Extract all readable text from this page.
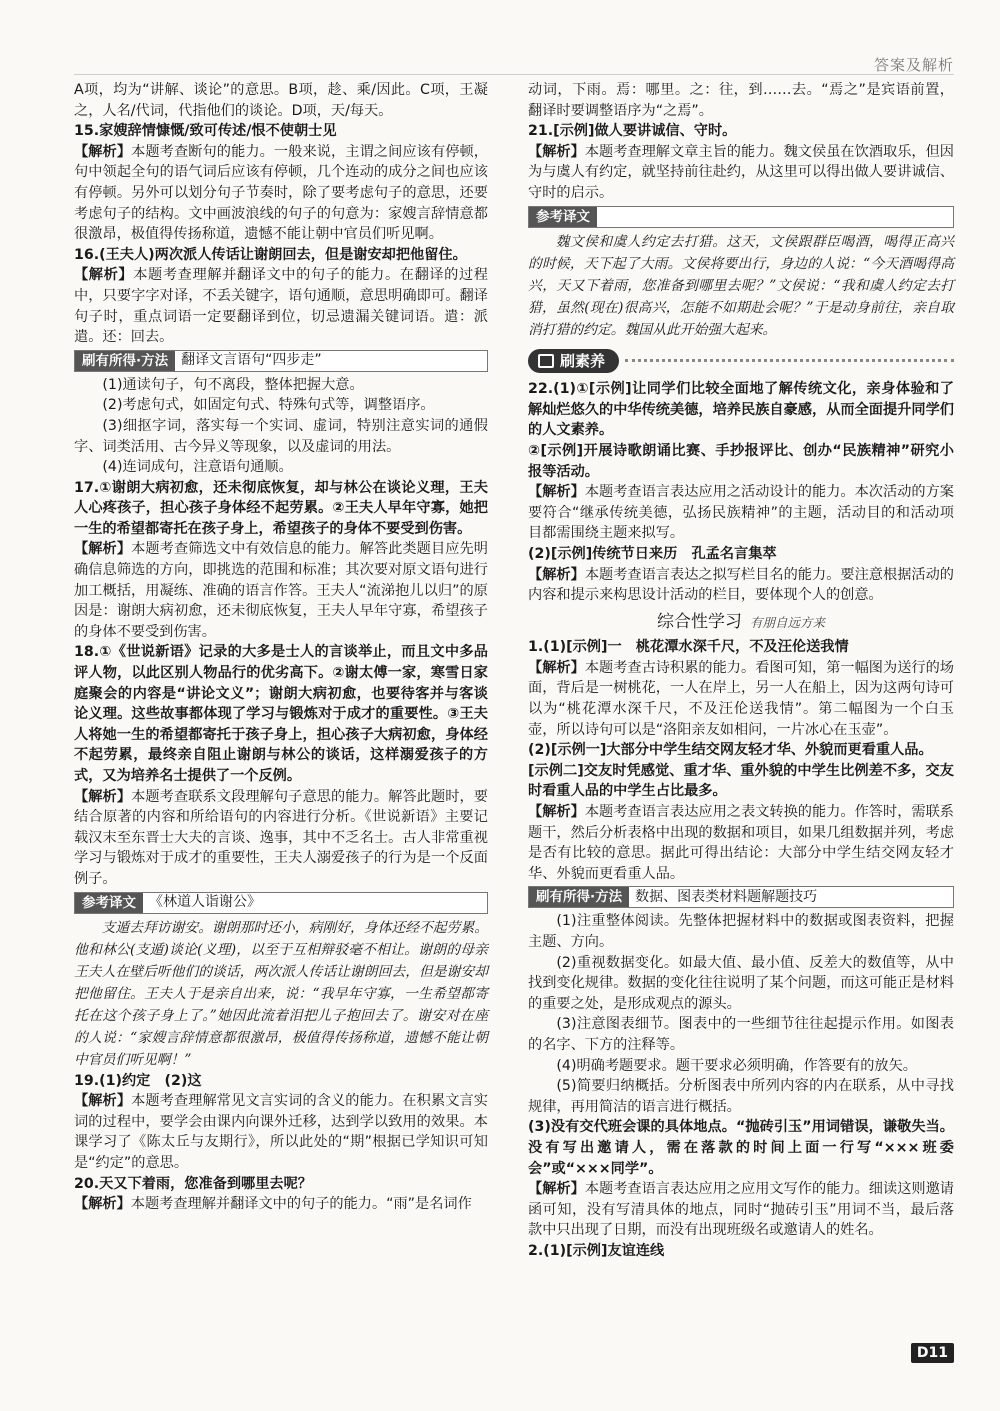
答案及解析

A项，均为“讲解、谈论”的意思。B项，趁、乘/因此。C项，王凝之，人名/代词，代指他们的谈论。D项，天/每天。

15.家嫂辞情慷慨/致可传述/恨不使朝士见

【解析】本题考查断句的能力。一般来说，主谓之间应该有停顿，句中领起全句的语气词后应该有停顿，几个连动的成分之间也应该有停顿。另外可以划分句子节奏时，除了要考虑句子的意思，还要考虑句子的结构。文中画波浪线的句子的句意为：家嫂言辞情意都很激昂，极值得传扬称道，遗憾不能让朝中官员们听见啊。

16.(王夫人)两次派人传话让谢朗回去，但是谢安却把他留住。

【解析】本题考查理解并翻译文中的句子的能力。在翻译的过程中，只要字字对译，不丢关键字，语句通顺，意思明确即可。翻译句子时，重点词语一定要翻译到位，切忌遗漏关键词语。遣：派遣。还：回去。

刷有所得·方法 翻译文言语句“四步走”

(1)通读句子，句不离段，整体把握大意。

(2)考虑句式，如固定句式、特殊句式等，调整语序。

(3)细抠字词，落实每一个实词、虚词，特别注意实词的通假字、词类活用、古今异义等现象，以及虚词的用法。

(4)连词成句，注意语句通顺。

17.①谢朗大病初愈，还未彻底恢复，却与林公在谈论义理，王夫人心疼孩子，担心孩子身体经不起劳累。②王夫人早年守寡，她把一生的希望都寄托在孩子身上，希望孩子的身体不要受到伤害。

【解析】本题考查筛选文中有效信息的能力。解答此类题目应先明确信息筛选的方向，即挑选的范围和标准；其次要对原文语句进行加工概括，用凝练、准确的语言作答。王夫人“流涕抱儿以归”的原因是：谢朗大病初愈，还未彻底恢复，王夫人早年守寡，希望孩子的身体不要受到伤害。

18.①《世说新语》记录的大多是士人的言谈举止，而且文中多品评人物，以此区别人物品行的优劣高下。②谢太傅一家，寒雪日家庭聚会的内容是“讲论文义”；谢朗大病初愈，也要待客并与客谈论义理。这些故事都体现了学习与锻炼对于成才的重要性。③王夫人将她一生的希望都寄托于孩子身上，担心孩子大病初愈，身体经不起劳累，最终亲自阻止谢朗与林公的谈话，这样溺爱孩子的方式，又为培养名士提供了一个反例。

【解析】本题考查联系文段理解句子意思的能力。解答此题时，要结合原著的内容和所给语句的内容进行分析。《世说新语》主要记载汉末至东晋士大夫的言谈、逸事，其中不乏名士。古人非常重视学习与锻炼对于成才的重要性，王夫人溺爱孩子的行为是一个反面例子。

参考译文 《林道人诣谢公》

支遁去拜访谢安。谢朗那时还小，病刚好，身体还经不起劳累。他和林公(支遁)谈论(义理)，以至于互相辩驳毫不相让。谢朗的母亲王夫人在壁后听他们的谈话，两次派人传话让谢朗回去，但是谢安却把他留住。王夫人于是亲自出来，说：“我早年守寡，一生希望都寄托在这个孩子身上了。”她因此流着泪把儿子抱回去了。谢安对在座的人说：“家嫂言辞情意都很激昂，极值得传扬称道，遗憾不能让朝中官员们听见啊！”

19.(1)约定　(2)这

【解析】本题考查理解常见文言实词的含义的能力。在积累文言实词的过程中，要学会由课内向课外迁移，达到学以致用的效果。本课学习了《陈太丘与友期行》，所以此处的“期”根据已学知识可知是“约定”的意思。

20.天又下着雨，您准备到哪里去呢？

【解析】本题考查理解并翻译文中的句子的能力。“雨”是名词作

动词，下雨。焉：哪里。之：往，到……去。“焉之”是宾语前置，翻译时要调整语序为“之焉”。

21.[示例]做人要讲诚信、守时。

【解析】本题考查理解文章主旨的能力。魏文侯虽在饮酒取乐，但因为与虞人有约定，就坚持前往赴约，从这里可以得出做人要讲诚信、守时的启示。

参考译文

魏文侯和虞人约定去打猎。这天，文侯跟群臣喝酒，喝得正高兴的时候，天下起了大雨。文侯将要出行，身边的人说：“今天酒喝得高兴，天又下着雨，您准备到哪里去呢？”文侯说：“我和虞人约定去打猎，虽然(现在)很高兴，怎能不如期赴会呢？”于是动身前往，亲自取消打猎的约定。魏国从此开始强大起来。

刷素养

22.(1)①[示例]让同学们比较全面地了解传统文化，亲身体验和了解灿烂悠久的中华传统美德，培养民族自豪感，从而全面提升同学们的人文素养。

②[示例]开展诗歌朗诵比赛、手抄报评比、创办“民族精神”研究小报等活动。

【解析】本题考查语言表达应用之活动设计的能力。本次活动的方案要符合“继承传统美德，弘扬民族精神”的主题，活动目的和活动项目都需围绕主题来拟写。

(2)[示例]传统节日来历　孔孟名言集萃

【解析】本题考查语言表达之拟写栏目名的能力。要注意根据活动的内容和提示来构思设计活动的栏目，要体现个人的创意。

综合性学习 有朋自远方来

1.(1)[示例]一　桃花潭水深千尺，不及汪伦送我情

【解析】本题考查古诗积累的能力。看图可知，第一幅图为送行的场面，背后是一树桃花，一人在岸上，另一人在船上，因为这两句诗可以为“桃花潭水深千尺，不及汪伦送我情”。第二幅图为一个白玉壶，所以诗句可以是“洛阳亲友如相问，一片冰心在玉壶”。

(2)[示例一]大部分中学生结交网友轻才华、外貌而更看重人品。

[示例二]交友时凭感觉、重才华、重外貌的中学生比例差不多，交友时看重人品的中学生占比最多。

【解析】本题考查语言表达应用之表文转换的能力。作答时，需联系题干，然后分析表格中出现的数据和项目，如果几组数据并列，考虑是否有比较的意思。据此可得出结论：大部分中学生结交网友轻才华、外貌而更看重人品。

刷有所得·方法 数据、图表类材料题解题技巧

(1)注重整体阅读。先整体把握材料中的数据或图表资料，把握主题、方向。

(2)重视数据变化。如最大值、最小值、反差大的数值等，从中找到变化规律。数据的变化往往说明了某个问题，而这可能正是材料的重要之处，是形成观点的源头。

(3)注意图表细节。图表中的一些细节往往起提示作用。如图表的名字、下方的注释等。

(4)明确考题要求。题干要求必须明确，作答要有的放矢。

(5)简要归纳概括。分析图表中所列内容的内在联系，从中寻找规律，再用简洁的语言进行概括。

(3)没有交代班会课的具体地点。“抛砖引玉”用词错误，谦敬失当。没有写出邀请人，需在落款的时间上面一行写“×××班委会”或“×××同学”。

【解析】本题考查语言表达应用之应用文写作的能力。细读这则邀请函可知，没有写清具体的地点，同时“抛砖引玉”用词不当，最后落款中只出现了日期，而没有出现班级名或邀请人的姓名。

2.(1)[示例]友谊连线

D11
